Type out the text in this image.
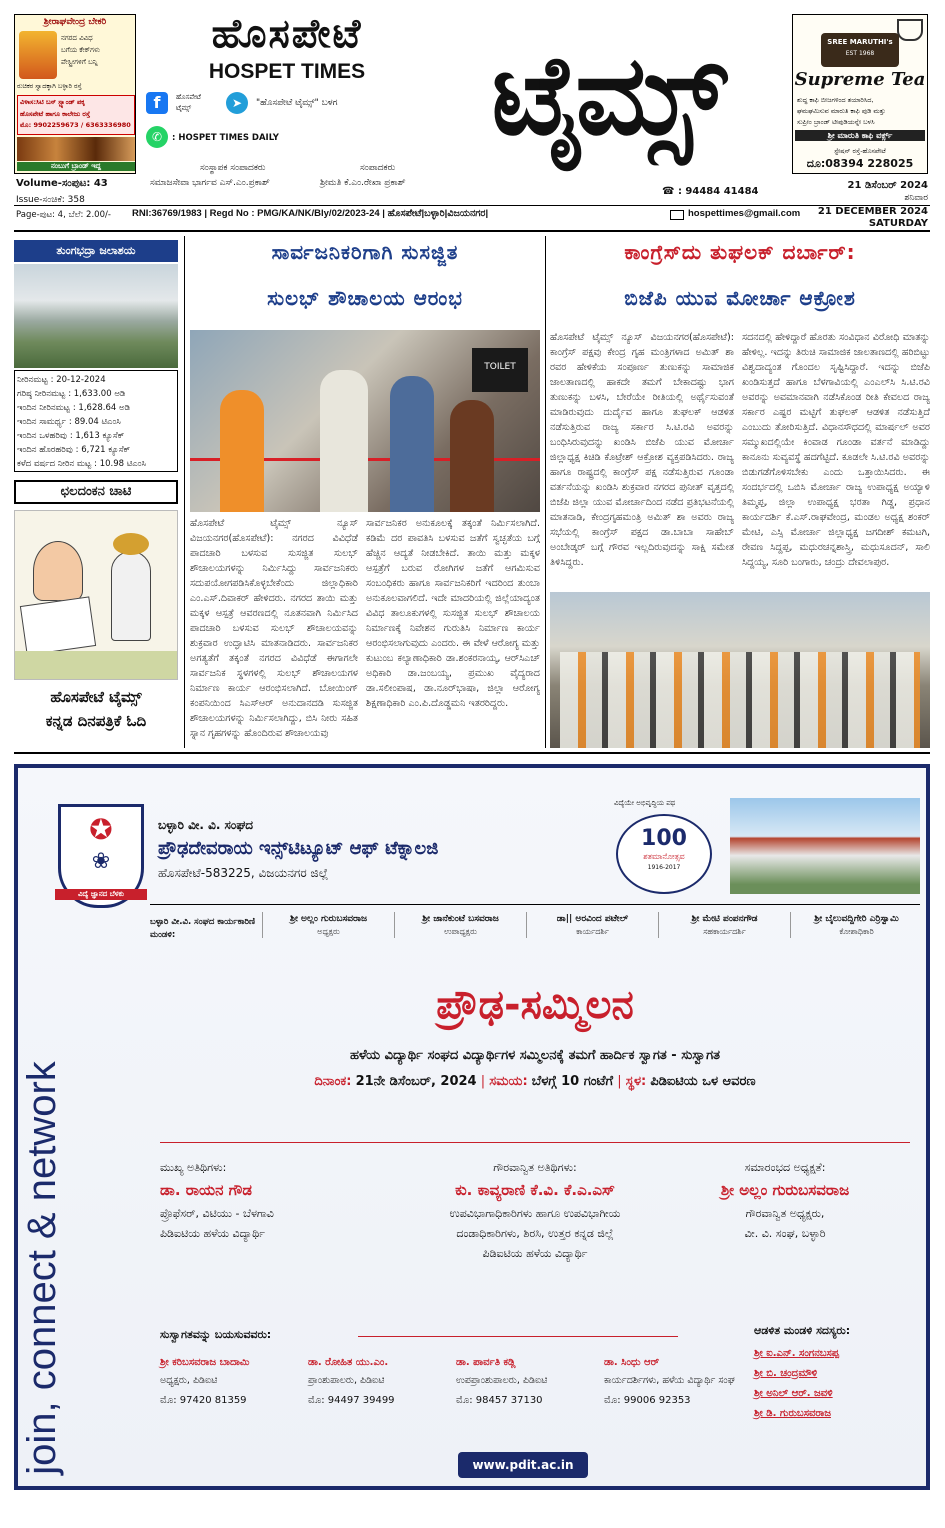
ಶ್ರೀರಾಘವೇಂದ್ರ ಬೇಕರಿ
ನಗರದ ವಿವಿಧ
ಬಗೆಯ ಕೇಕ್‌ಗಳು
ಪೇಸ್ಟ್ರೀಗಳಿಗೆ ಬನ್ನಿ
ರುಚಿಕರ ಸ್ವಾದಕ್ಕಾಗಿ ಬಳ್ಳಾರಿ ರಸ್ತೆ
ವಿಳಾಸ:ಸಿಟಿ ಬಸ್ ಸ್ಟ್ಯಾಂಡ್ ಪಕ್ಕ
ಹೊಸಪೇಟೆ ಹಾಗೂ ಕಾಲೇಜು ರಸ್ತೆ
ಮೊ: 9902259673 / 6363336980
ನಂಬುಗೆ ಬ್ರಾಂಡ್ ಇದ್ದ
ಹೊಸಪೇಟೆ
HOSPET TIMES	ಟೈಮ್ಸ್
f	ಹೊಸಪೇಟೆ ಟೈಮ್ಸ್	➤	"ಹೊಸಪೇಟೆ ಟೈಮ್ಸ್" ಬಳಗ
✆	: HOSPET TIMES DAILY
ಸಂಸ್ಥಾಪಕ ಸಂಪಾದಕರು
ಸಮಾಜಸೇವಾ ಭಾರ್ಗವ ಎಸ್.ಎಂ.ಪ್ರಕಾಶ್
ಸಂಪಾದಕರು
ಶ್ರೀಮತಿ ಕೆ.ಎಂ.ರೇಖಾ ಪ್ರಕಾಶ್
☎ : 94484 41484
SREE MARUTHI's
EST 1968
Supreme Tea
ಶುದ್ಧ ಕಾಫಿ ಬೀಜಗಳಿಂದ ತಯಾರಿಸಿದ,
ಘಮಘಮಿಸುವ ಮಾರುತಿ ಕಾಫಿ ಪುಡಿ ಮತ್ತು
ಸುಪ್ರೀಂ ಬ್ರಾಂಡ್ ಟೀಪುಡಿಯನ್ನೇ ಬಳಸಿ
ಶ್ರೀ ಮಾರುತಿ ಕಾಫಿ ವರ್ಕ್ಸ್
ಸ್ಟೇಷನ್ ರಸ್ತೆ-ಹೊಸಪೇಟೆ
ದೂ:08394 228025
21 ಡಿಸೆಂಬರ್ 2024
ಶನಿವಾರ
Volume-ಸಂಪುಟ: 43
Issue-ಸಂಚಿಕೆ: 358
Page-ಪುಟ: 4, ಬೆಲೆ: 2.00/- RNI:36769/1983 | Regd No : PMG/KA/NK/Bly/02/2023-24 | ಹೊಸಪೇಟೆ|ಬಳ್ಳಾರಿ|ವಿಜಯನಗರ|	hospettimes@gmail.com	21 DECEMBER 2024
SATURDAY
ತುಂಗಭದ್ರಾ ಜಲಾಶಯ
ನೀರಿನಮಟ್ಟ : 20-12-2024
ಗರಿಷ್ಠ ನೀರಿನಮಟ್ಟ : 1,633.00 ಅಡಿ
ಇಂದಿನ ನೀರಿನಮಟ್ಟ : 1,628.64 ಅಡಿ
ಇಂದಿನ ಸಾಮರ್ಥ್ಯ : 89.04 ಟಿಎಂಸಿ
ಇಂದಿನ ಒಳಹರಿವು : 1,613 ಕ್ಯೂಸೆಕ್
ಇಂದಿನ ಹೊರಹರಿವು : 6,721 ಕ್ಯೂಸೆಕ್
ಕಳೆದ ವರ್ಷದ ನೀರಿನ ಮಟ್ಟ : 10.98 ಟಿಎಂಸಿ
ಛಲದಂಕನ ಚಾಟಿ
ಹೊಸಪೇಟೆ ಟೈಮ್ಸ್
ಕನ್ನಡ ದಿನಪತ್ರಿಕೆ ಓದಿ
ಸಾರ್ವಜನಿಕರಿಗಾಗಿ ಸುಸಜ್ಜಿತ
ಸುಲಭ್ ಶೌಚಾಲಯ ಆರಂಭ
TOILET
ಹೊಸಪೇಟೆ ಟೈಮ್ಸ್ ನ್ಯೂಸ್ ವಿಜಯನಗರ(ಹೊಸಪೇಟೆ): ನಗರದ ವಿವಿಧೆಡೆ ಪಾದಚಾರಿ ಬಳಸುವ ಸುಸಜ್ಜಿತ ಸುಲಭ್ ಶೌಚಾಲಯಗಳನ್ನು ನಿರ್ಮಿಸಿದ್ದು ಸಾರ್ವಜನಿಕರು ಸದುಪಯೋಗಪಡಿಸಿಕೊಳ್ಳಬೇಕೆಂದು ಜಿಲ್ಲಾಧಿಕಾರಿ ಎಂ.ಎಸ್.ದಿವಾಕರ್ ಹೇಳಿದರು. ನಗರದ ತಾಯಿ ಮತ್ತು ಮಕ್ಕಳ ಆಸ್ಪತ್ರೆ ಆವರಣದಲ್ಲಿ ನೂತನವಾಗಿ ನಿರ್ಮಿಸಿದ ಪಾದಚಾರಿ ಬಳಸುವ ಸುಲಭ್ ಶೌಚಾಲಯವನ್ನು ಶುಕ್ರವಾರ ಉದ್ಘಾಟಿಸಿ ಮಾತನಾಡಿದರು. ಸಾರ್ವಜನಿಕರ ಅಗತ್ಯತೆಗೆ ತಕ್ಕಂತೆ ನಗರದ ವಿವಿಧೆಡೆ ಈಗಾಗಲೇ ಸಾರ್ವಜನಿಕ ಸ್ಥಳಗಳಲ್ಲಿ ಸುಲಭ್ ಶೌಚಾಲಯಗಳ ನಿರ್ಮಾಣ ಕಾರ್ಯ ಆರಂಭಿಸಲಾಗಿದೆ. ಬೋಯಿಂಗ್ ಕಂಪನಿಯಿಂದ ಸಿಎಸ್‌ಆರ್ ಅನುದಾನದಡಿ ಸುಸಜ್ಜಿತ ಶೌಚಾಲಯಗಳನ್ನು ನಿರ್ಮಿಸಲಾಗಿದ್ದು, ಬಿಸಿ ನೀರು ಸಹಿತ ಸ್ನಾನ ಗೃಹಗಳನ್ನು ಹೊಂದಿರುವ ಶೌಚಾಲಯವು
ಸಾರ್ವಜನಿಕರ ಅನುಕೂಲಕ್ಕೆ ತಕ್ಕಂತೆ ನಿರ್ಮಿಸಲಾಗಿದೆ. ಕಡಿಮೆ ದರ ಪಾವತಿಸಿ ಬಳಸುವ ಜತೆಗೆ ಸ್ವಚ್ಛತೆಯ ಬಗ್ಗೆ ಹೆಚ್ಚಿನ ಆದ್ಯತೆ ನೀಡಬೇಕಿದೆ. ತಾಯಿ ಮತ್ತು ಮಕ್ಕಳ ಆಸ್ಪತ್ರೆಗೆ ಬರುವ ರೋಗಿಗಳ ಜತೆಗೆ ಆಗಮಿಸುವ ಸಂಬಂಧಿಕರು ಹಾಗೂ ಸಾರ್ವಜನಿಕರಿಗೆ ಇದರಿಂದ ತುಂಬಾ ಅನುಕೂಲವಾಗಲಿದೆ. ಇದೇ ಮಾದರಿಯಲ್ಲಿ ಜಿಲ್ಲೆಯಾದ್ಯಂತ ವಿವಿಧ ತಾಲೂಕುಗಳಲ್ಲಿ ಸುಸಜ್ಜಿತ ಸುಲಭ್ ಶೌಚಾಲಯ ನಿರ್ಮಾಣಕ್ಕೆ ನಿವೇಶನ ಗುರುತಿಸಿ ನಿರ್ಮಾಣ ಕಾರ್ಯ ಆರಂಭಿಸಲಾಗುವುದು ಎಂದರು. ಈ ವೇಳೆ ಆರೋಗ್ಯ ಮತ್ತು ಕುಟುಂಬ ಕಲ್ಯಾಣಾಧಿಕಾರಿ ಡಾ.ಶಂಕರನಾಯ್ಕ, ಆರ್‌ಸಿಎಚ್ ಅಧಿಕಾರಿ ಡಾ.ಜಂಬಯ್ಯ, ಪ್ರಮುಖ ವೈದ್ಯರಾದ ಡಾ.ಸಲೀಂಪಾಷ, ಡಾ.ನೂರ್‌ಭಾಷಾ, ಜಿಲ್ಲಾ ಆರೋಗ್ಯ ಶಿಕ್ಷಣಾಧಿಕಾರಿ ಎಂ.ಪಿ.ದೊಡ್ಡಮನಿ ಇತರರಿದ್ದರು.
ಕಾಂಗ್ರೆಸ್‌ದು ತುಘಲಕ್ ದರ್ಬಾರ್:
ಬಿಜೆಪಿ ಯುವ ಮೋರ್ಚಾ ಆಕ್ರೋಶ
ಹೊಸಪೇಟೆ ಟೈಮ್ಸ್ ನ್ಯೂಸ್ ವಿಜಯನಗರ(ಹೊಸಪೇಟೆ): ಕಾಂಗ್ರೆಸ್ ಪಕ್ಷವು ಕೇಂದ್ರ ಗೃಹ ಮಂತ್ರಿಗಳಾದ ಅಮಿತ್ ಶಾ ರವರ ಹೇಳಿಕೆಯ ಸಂಪೂರ್ಣ ತುಣುಕನ್ನು ಸಾಮಾಜಿಕ ಜಾಲತಾಣದಲ್ಲಿ ಹಾಕದೇ ತಮಗೆ ಬೇಕಾದಷ್ಟು ಭಾಗ ತುಣುಕನ್ನು ಬಳಸಿ, ಬೇರೆಯೇ ರೀತಿಯಲ್ಲಿ ಅರ್ಥೈಸುವಂತೆ ಮಾಡಿರುವುದು ದುರ್ದೈವ ಹಾಗೂ ತುಘಲಕ್ ಆಡಳಿತ ನಡೆಸುತ್ತಿರುವ ರಾಜ್ಯ ಸರ್ಕಾರ ಸಿ.ಟಿ.ರವಿ ಅವರನ್ನು ಬಂಧಿಸಿರುವುದನ್ನು ಖಂಡಿಸಿ ಬಿಜೆಪಿ ಯುವ ಮೋರ್ಚಾ ಜಿಲ್ಲಾಧ್ಯಕ್ಷ ಕಿಚಿಡಿ ಕೊಟ್ರೇಶ್ ಆಕ್ರೋಶ ವ್ಯಕ್ತಪಡಿಸಿದರು. ರಾಜ್ಯ ಹಾಗೂ ರಾಷ್ಟ್ರದಲ್ಲಿ ಕಾಂಗ್ರೆಸ್ ಪಕ್ಷ ನಡೆಸುತ್ತಿರುವ ಗೂಂಡಾ ವರ್ತನೆಯನ್ನು ಖಂಡಿಸಿ ಶುಕ್ರವಾರ ನಗರದ ಪುನೀತ್ ವೃತ್ತದಲ್ಲಿ ಬಿಜೆಪಿ ಜಿಲ್ಲಾ ಯುವ ಮೋರ್ಚಾದಿಂದ ನಡೆದ ಪ್ರತಿಭಟನೆಯಲ್ಲಿ ಮಾತನಾಡಿ, ಕೇಂದ್ರಗೃಹಮಂತ್ರಿ ಅಮಿತ್ ಶಾ ಅವರು ರಾಜ್ಯ ಸಭೆಯಲ್ಲಿ ಕಾಂಗ್ರೆಸ್ ಪಕ್ಷದ ಡಾ.ಬಾಬಾ ಸಾಹೇಬ್ ಅಂಬೇಡ್ಕರ್ ಬಗ್ಗೆ ಗೌರವ ಇಲ್ಲದಿರುವುದನ್ನು ಸಾಕ್ಷಿ ಸಮೇತ ತಿಳಿಸಿದ್ದರು.
ಸದನದಲ್ಲಿ ಹೇಳಿದ್ದಾರೆ ಹೊರತು ಸಂವಿಧಾನ ವಿರೋಧಿ ಮಾತನ್ನು ಹೇಳಿಲ್ಲ. ಇದನ್ನು ತಿರುಚಿ ಸಾಮಾಜಿಕ ಜಾಲತಾಣದಲ್ಲಿ ಹರಿಬಿಟ್ಟು ವಿಶ್ವದಾದ್ಯಂತ ಗೊಂದಲ ಸೃಷ್ಟಿಸಿದ್ದಾರೆ. ಇದನ್ನು ಬಿಜೆಪಿ ಖಂಡಿಸುತ್ತದೆ ಹಾಗೂ ಬೆಳಗಾವಿಯಲ್ಲಿ ಎಂಎಲ್‌ಸಿ ಸಿ.ಟಿ.ರವಿ ಅವರನ್ನು ಅವಮಾನವಾಗಿ ನಡೆಸಿಕೊಂಡ ರೀತಿ ಕೇವಲದ ರಾಜ್ಯ ಸರ್ಕಾರ ಎಷ್ಟರ ಮಟ್ಟಿಗೆ ತುಘಲಕ್ ಆಡಳಿತ ನಡೆಸುತ್ತಿದೆ ಎಂಬುದು ತೋರಿಸುತ್ತಿದೆ. ವಿಧಾನಸೌಧದಲ್ಲಿ ಮಾರ್ಷಲ್ ಅವರ ಸಮ್ಮುಖದಲ್ಲಿಯೇ ಕಿಂವಾಡ ಗೂಂಡಾ ವರ್ತನೆ ಮಾಡಿದ್ದು ಕಾನೂನು ಸುವ್ಯವಸ್ಥೆ ಹದಗೆಟ್ಟಿದೆ. ಕೂಡಲೇ ಸಿ.ಟಿ.ರವಿ ಅವರನ್ನು ಬಿಡುಗಡೆಗೊಳಿಸಬೇಕು ಎಂದು ಒತ್ತಾಯಿಸಿದರು. ಈ ಸಂದರ್ಭದಲ್ಲಿ ಒಬಿಸಿ ಮೋರ್ಚಾ ರಾಜ್ಯ ಉಪಾಧ್ಯಕ್ಷ ಅಯ್ಯಾಳಿ ತಿಮ್ಮಪ್ಪ, ಜಿಲ್ಲಾ ಉಪಾಧ್ಯಕ್ಷ ಭರತಾ ಗಿಡ್ಡ, ಪ್ರಧಾನ ಕಾರ್ಯದರ್ಶಿ ಕೆ.ಎಸ್.ರಾಘವೇಂದ್ರ, ಮಂಡಲ ಅಧ್ಯಕ್ಷ ಶಂಕರ್ ಮೇಟಿ, ಎಸ್ಸಿ ಮೋರ್ಚಾ ಜಿಲ್ಲಾಧ್ಯಕ್ಷ ಜಗದೀಶ್ ಕಮಟಗಿ, ರೇವಣ ಸಿದ್ದಪ್ಪ, ಮಧುರಚನ್ನಶಾಸ್ತ್ರಿ, ಮಧುಸೂದನ್, ಸಾಲಿ ಸಿದ್ದಯ್ಯ, ಸೂರಿ ಬಂಗಾರು, ಚಂದ್ರು ದೇವಲಾಪುರ.
join, connect & network
✪
❀
ವಿದ್ಯೆ ಜ್ಞಾನದ ಬೆಳಕು
ಬಳ್ಳಾರಿ ವೀ. ವಿ. ಸಂಘದ
ಪ್ರೌಢದೇವರಾಯ ಇನ್ಸ್‌ಟಿಟ್ಯೂಟ್ ಆಫ್ ಟೆಕ್ನಾಲಜಿ
ಹೊಸಪೇಟೆ-583225, ವಿಜಯನಗರ ಜಿಲ್ಲೆ
ವಿದ್ಯೆಯೇ ಅಭಿವೃದ್ಧಿಯ ಪಥ
100
ಶತಮಾನೋತ್ಸವ
1916-2017
ಬಳ್ಳಾರಿ ವೀ.ವಿ. ಸಂಘದ ಕಾರ್ಯಕಾರಿಣಿ ಮಂಡಳಿ:
ಶ್ರೀ ಅಲ್ಲಂ ಗುರುಬಸವರಾಜ
ಅಧ್ಯಕ್ಷರು
ಶ್ರೀ ಜಾನೆಕುಂಟೆ ಬಸವರಾಜ
ಉಪಾಧ್ಯಕ್ಷರು
ಡಾ|| ಅರವಿಂದ ಪಟೇಲ್
ಕಾರ್ಯದರ್ಶಿ
ಶ್ರೀ ಮೇಟಿ ಪಂಪನಗೌಡ
ಸಹಕಾರ್ಯದರ್ಶಿ
ಶ್ರೀ ಬೈಲುವದ್ದಿಗೇರಿ ಎರ್ರಿಸ್ವಾಮಿ
ಕೋಶಾಧಿಕಾರಿ
ಪ್ರೌಢ-ಸಮ್ಮಿಲನ
ಹಳೆಯ ವಿದ್ಯಾರ್ಥಿ ಸಂಘದ ವಿದ್ಯಾರ್ಥಿಗಳ ಸಮ್ಮಿಲನಕ್ಕೆ ತಮಗೆ ಹಾರ್ದಿಕ ಸ್ವಾಗತ - ಸುಸ್ವಾಗತ
ದಿನಾಂಕ: 21ನೇ ಡಿಸೆಂಬರ್, 2024 | ಸಮಯ: ಬೆಳಗ್ಗೆ 10 ಗಂಟೆಗೆ | ಸ್ಥಳ: ಪಿಡಿಐಟಿಯ ಒಳ ಆವರಣ
ಮುಖ್ಯ ಅತಿಥಿಗಳು:
ಡಾ. ರಾಯನ ಗೌಡ
ಪ್ರೊಫೆಸರ್, ವಿಟಿಯು - ಬೆಳಗಾವಿ
ಪಿಡಿಐಟಿಯ ಹಳೆಯ ವಿದ್ಯಾರ್ಥಿ
ಗೌರವಾನ್ವಿತ ಅತಿಥಿಗಳು:
ಕು. ಕಾವ್ಯರಾಣಿ ಕೆ.ವಿ. ಕೆ.ಎ.ಎಸ್
ಉಪವಿಭಾಗಾಧಿಕಾರಿಗಳು ಹಾಗೂ ಉಪವಿಭಾಗೀಯ
ದಂಡಾಧಿಕಾರಿಗಳು, ಶಿರಸಿ, ಉತ್ತರ ಕನ್ನಡ ಜಿಲ್ಲೆ
ಪಿಡಿಐಟಿಯ ಹಳೆಯ ವಿದ್ಯಾರ್ಥಿ
ಸಮಾರಂಭದ ಅಧ್ಯಕ್ಷತೆ:
ಶ್ರೀ ಅಲ್ಲಂ ಗುರುಬಸವರಾಜ
ಗೌರವಾನ್ವಿತ ಅಧ್ಯಕ್ಷರು,
ವೀ. ವಿ. ಸಂಘ, ಬಳ್ಳಾರಿ
ಸುಸ್ವಾಗತವನ್ನು ಬಯಸುವವರು:
ಶ್ರೀ ಕರಿಬಸವರಾಜ ಬಾದಾಮಿ
ಅಧ್ಯಕ್ಷರು, ಪಿಡಿಐಟಿ
ಮೊ: 97420 81359
ಡಾ. ರೋಹಿತ ಯು.ಎಂ.
ಪ್ರಾಂಶುಪಾಲರು, ಪಿಡಿಐಟಿ
ಮೊ: 94497 39499
ಡಾ. ಪಾರ್ವತಿ ಕಡ್ಲಿ
ಉಪಪ್ರಾಂಶುಪಾಲರು, ಪಿಡಿಐಟಿ
ಮೊ: 98457 37130
ಡಾ. ಸಿಂಧು ಆರ್
ಕಾರ್ಯದರ್ಶಿಗಳು, ಹಳೆಯ ವಿದ್ಯಾರ್ಥಿ ಸಂಘ
ಮೊ: 99006 92353
ಆಡಳಿತ ಮಂಡಳಿ ಸದಸ್ಯರು:
ಶ್ರೀ ಐ.ಎನ್. ಸಂಗನಬಸಪ್ಪ
ಶ್ರೀ ಬಿ. ಚಂದ್ರಮೌಳಿ
ಶ್ರೀ ಅನಿಲ್ ಆರ್. ಜವಳಿ
ಶ್ರೀ ಡಿ. ಗುರುಬಸವರಾಜ
www.pdit.ac.in
